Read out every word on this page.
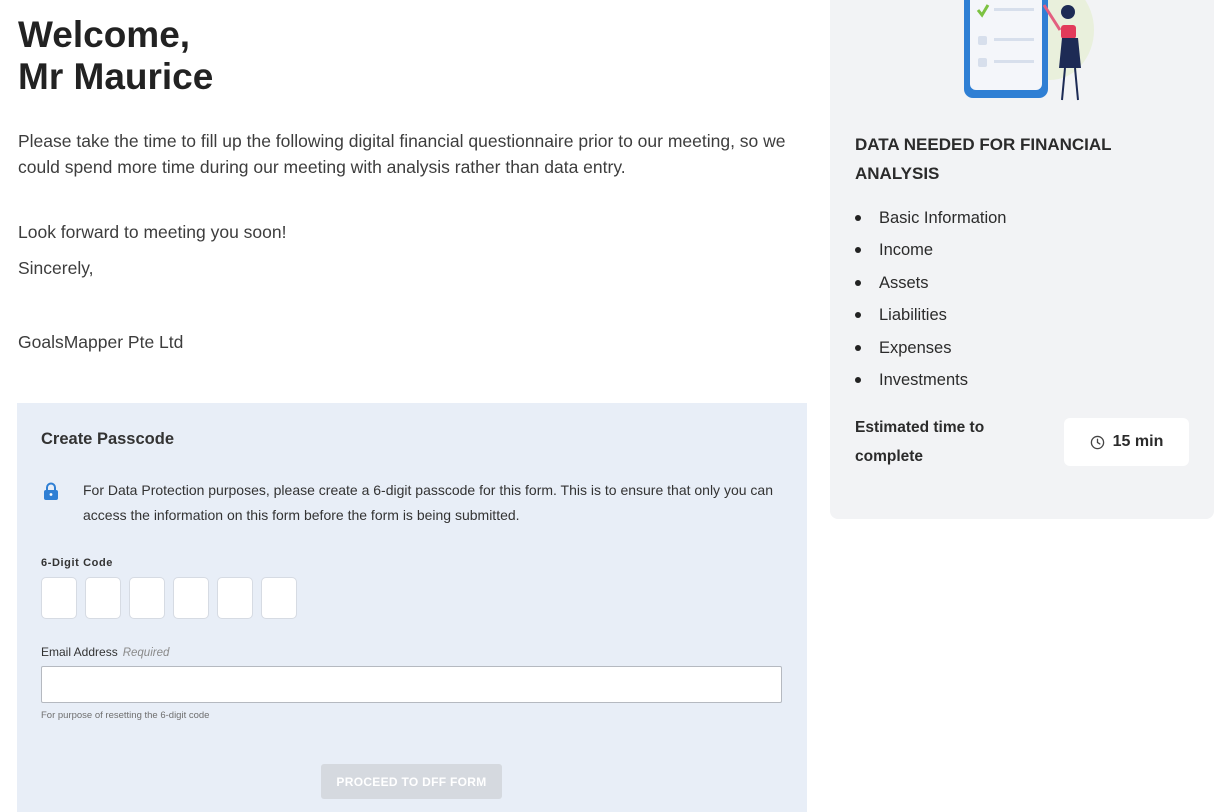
Welcome,
Mr Maurice

Please take the time to fill up the following digital financial questionnaire prior to our meeting, so we could spend more time during our meeting with analysis rather than data entry.

Look forward to meeting you soon!

Sincerely,

GoalsMapper Pte Ltd

Create Passcode

For Data Protection purposes, please create a 6-digit passcode for this form. This is to ensure that only you can access the information on this form before the form is being submitted.

6-Digit Code
Email Address Required

For purpose of resetting the 6-digit code

PROCEED TO DFF FORM
DATA NEEDED FOR FINANCIAL ANALYSIS
Basic Information
Income
Assets
Liabilities
Expenses
Investments

Estimated time to complete

15 min
